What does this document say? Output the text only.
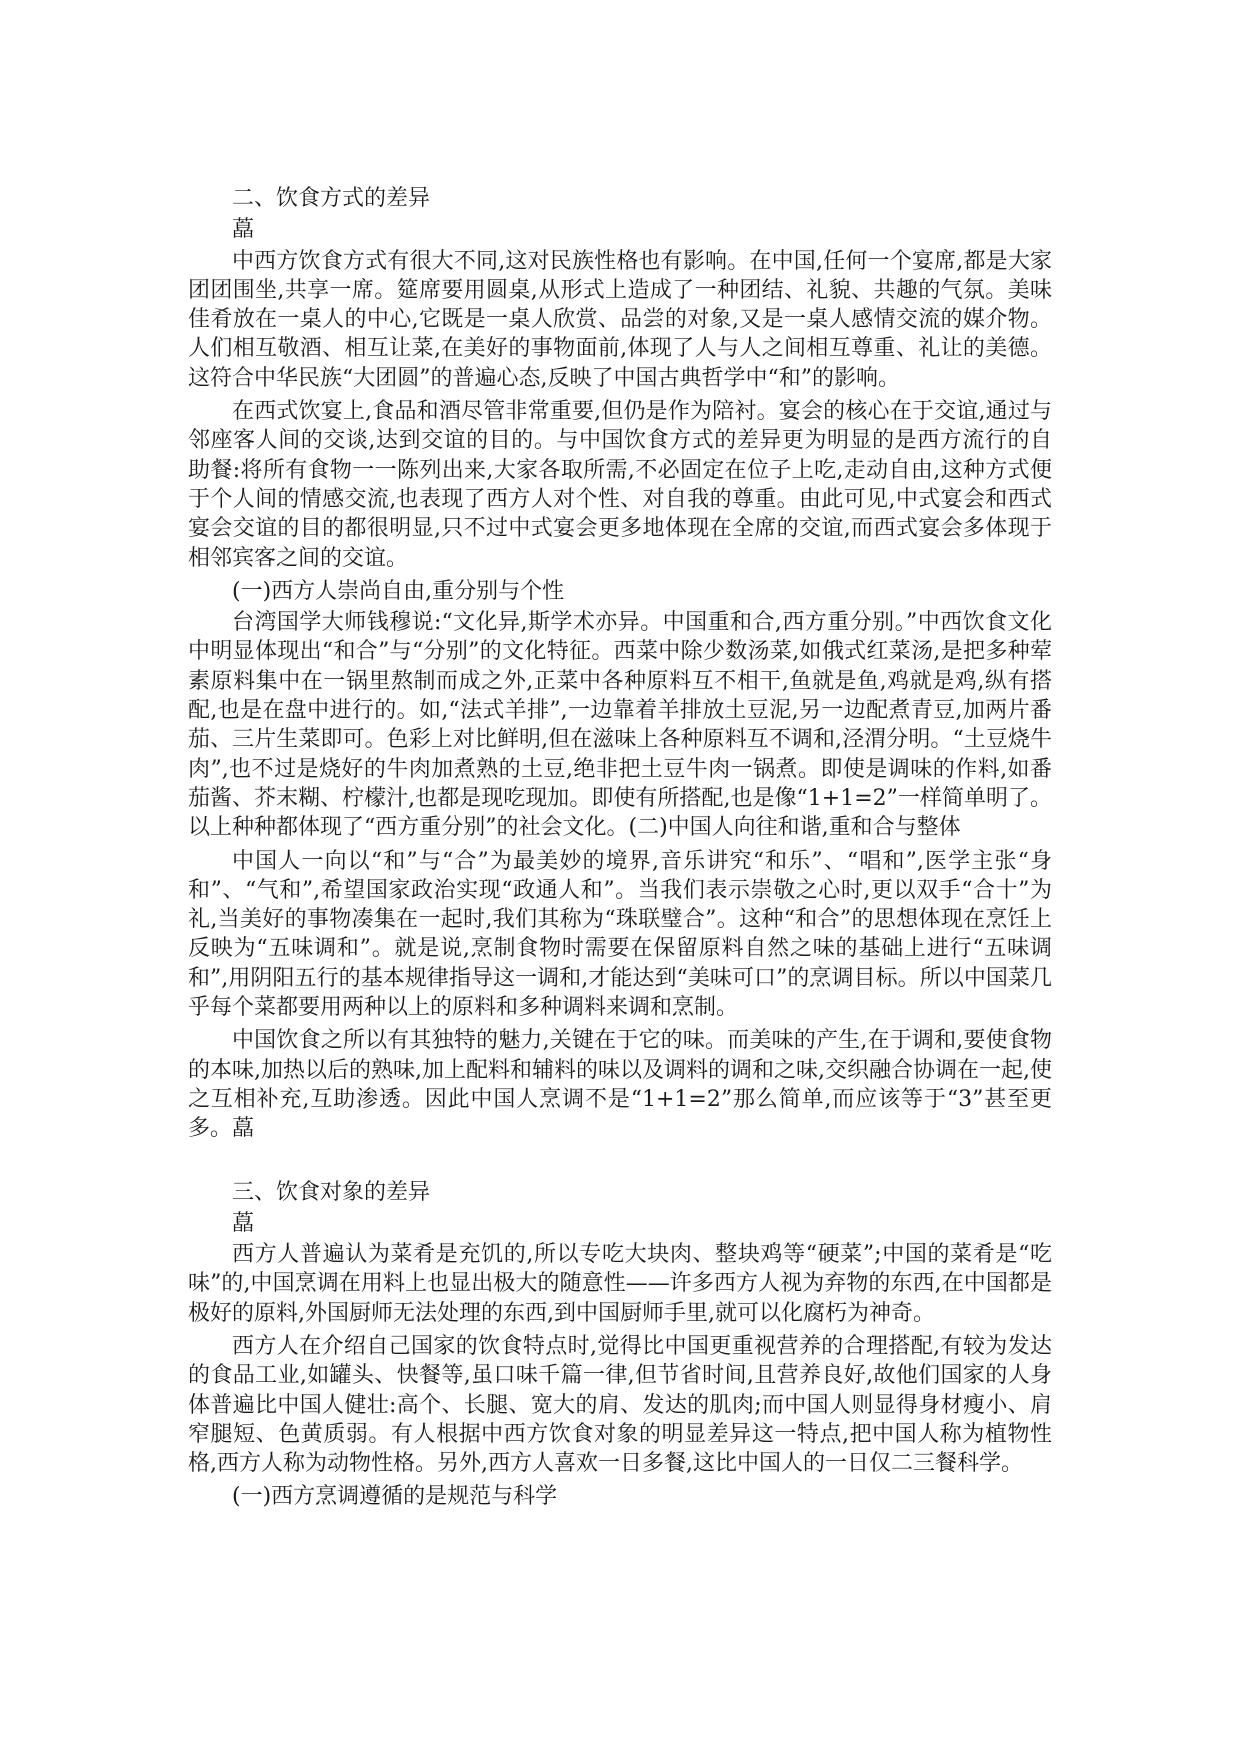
二、饮食方式的差异

藠

中西方饮食方式有很大不同,这对民族性格也有影响。在中国,任何一个宴席,都是大家团团围坐,共享一席。筵席要用圆桌,从形式上造成了一种团结、礼貌、共趣的气氛。美味佳肴放在一桌人的中心,它既是一桌人欣赏、品尝的对象,又是一桌人感情交流的媒介物。人们相互敬酒、相互让菜,在美好的事物面前,体现了人与人之间相互尊重、礼让的美德。这符合中华民族“大团圆”的普遍心态,反映了中国古典哲学中“和”的影响。

在西式饮宴上,食品和酒尽管非常重要,但仍是作为陪衬。宴会的核心在于交谊,通过与邻座客人间的交谈,达到交谊的目的。与中国饮食方式的差异更为明显的是西方流行的自助餐:将所有食物一一陈列出来,大家各取所需,不必固定在位子上吃,走动自由,这种方式便于个人间的情感交流,也表现了西方人对个性、对自我的尊重。由此可见,中式宴会和西式宴会交谊的目的都很明显,只不过中式宴会更多地体现在全席的交谊,而西式宴会多体现于相邻宾客之间的交谊。

(一)西方人崇尚自由,重分别与个性

台湾国学大师钱穆说:“文化异,斯学术亦异。中国重和合,西方重分别。”中西饮食文化中明显体现出“和合”与“分别”的文化特征。西菜中除少数汤菜,如俄式红菜汤,是把多种荤素原料集中在一锅里熬制而成之外,正菜中各种原料互不相干,鱼就是鱼,鸡就是鸡,纵有搭配,也是在盘中进行的。如,“法式羊排”,一边靠着羊排放土豆泥,另一边配煮青豆,加两片番茄、三片生菜即可。色彩上对比鲜明,但在滋味上各种原料互不调和,泾渭分明。“土豆烧牛肉”,也不过是烧好的牛肉加煮熟的土豆,绝非把土豆牛肉一锅煮。即使是调味的作料,如番茄酱、芥末糊、柠檬汁,也都是现吃现加。即使有所搭配,也是像“1+1=2”一样简单明了。以上种种都体现了“西方重分别”的社会文化。(二)中国人向往和谐,重和合与整体

中国人一向以“和”与“合”为最美妙的境界,音乐讲究“和乐”、“唱和”,医学主张“身和”、“气和”,希望国家政治实现“政通人和”。当我们表示崇敬之心时,更以双手“合十”为礼,当美好的事物凑集在一起时,我们其称为“珠联璧合”。这种“和合”的思想体现在烹饪上反映为“五味调和”。就是说,烹制食物时需要在保留原料自然之味的基础上进行“五味调和”,用阴阳五行的基本规律指导这一调和,才能达到“美味可口”的烹调目标。所以中国菜几乎每个菜都要用两种以上的原料和多种调料来调和烹制。

中国饮食之所以有其独特的魅力,关键在于它的味。而美味的产生,在于调和,要使食物的本味,加热以后的熟味,加上配料和辅料的味以及调料的调和之味,交织融合协调在一起,使之互相补充,互助渗透。因此中国人烹调不是“1+1=2”那么简单,而应该等于“3”甚至更多。藠

三、饮食对象的差异

藠

西方人普遍认为菜肴是充饥的,所以专吃大块肉、整块鸡等“硬菜”;中国的菜肴是“吃味”的,中国烹调在用料上也显出极大的随意性——许多西方人视为弃物的东西,在中国都是极好的原料,外国厨师无法处理的东西,到中国厨师手里,就可以化腐朽为神奇。

西方人在介绍自己国家的饮食特点时,觉得比中国更重视营养的合理搭配,有较为发达的食品工业,如罐头、快餐等,虽口味千篇一律,但节省时间,且营养良好,故他们国家的人身体普遍比中国人健壮:高个、长腿、宽大的肩、发达的肌肉;而中国人则显得身材瘦小、肩窄腿短、色黄质弱。有人根据中西方饮食对象的明显差异这一特点,把中国人称为植物性格,西方人称为动物性格。另外,西方人喜欢一日多餐,这比中国人的一日仅二三餐科学。

(一)西方烹调遵循的是规范与科学
